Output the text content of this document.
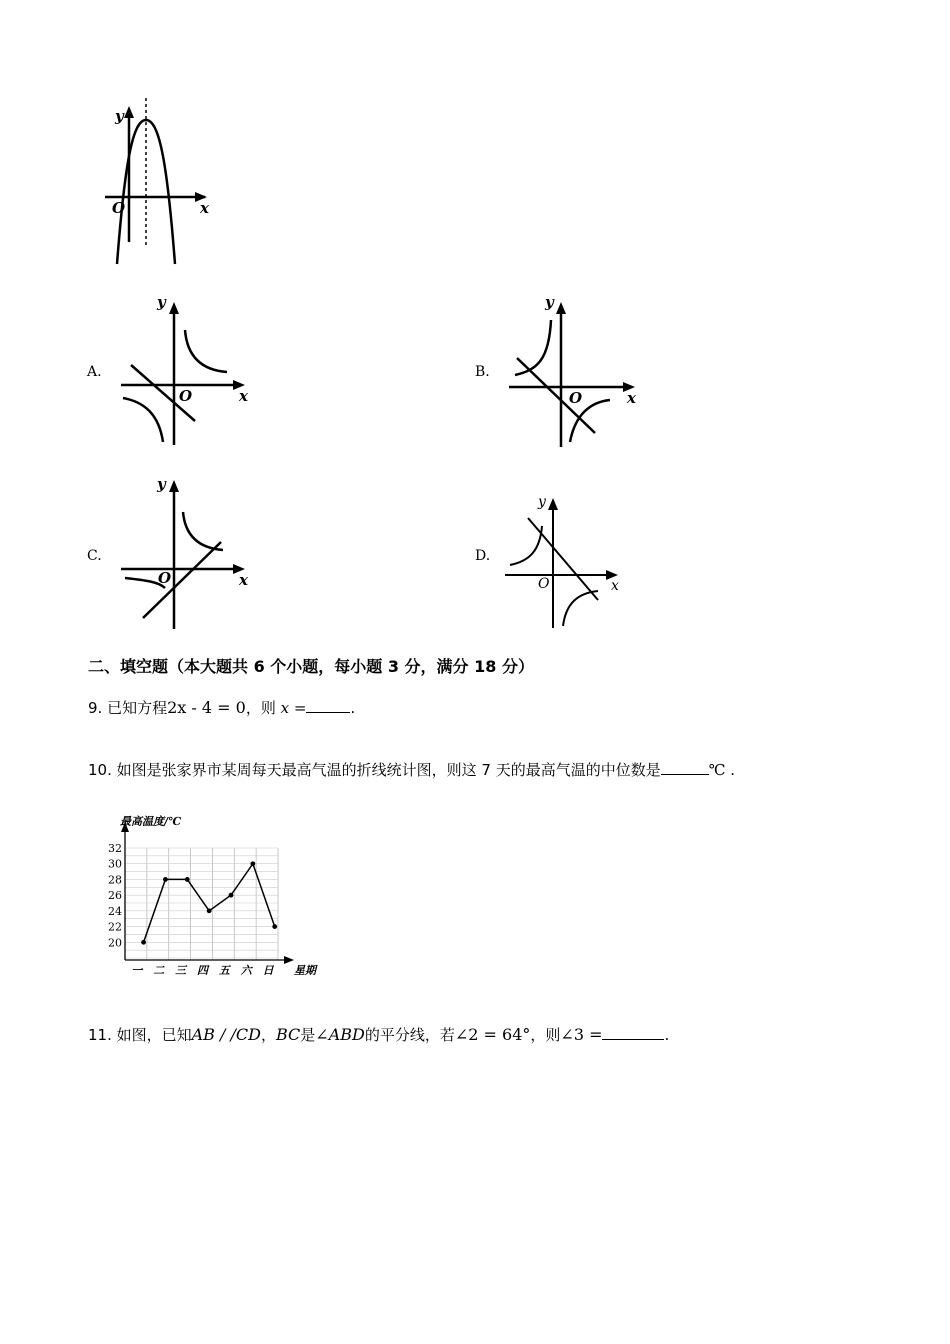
y
x
O
A.
y
x
O
B.
y
x
O
C.
y
x
O
D.
y
x
O
二、填空题（本大题共 6 个小题，每小题 3 分，满分 18 分）
9. 已知方程2x - 4 = 0，则 x =	.
10. 如图是张家界市某周每天最高气温的折线统计图，则这 7 天的最高气温的中位数是	℃ .
最高温度/℃
星期
20
22
24
26
28
30
32
一 二 三 四 五 六 日
11. 如图，已知AB / /CD，BC是∠ABD的平分线，若∠2 = 64°，则∠3 =	.
